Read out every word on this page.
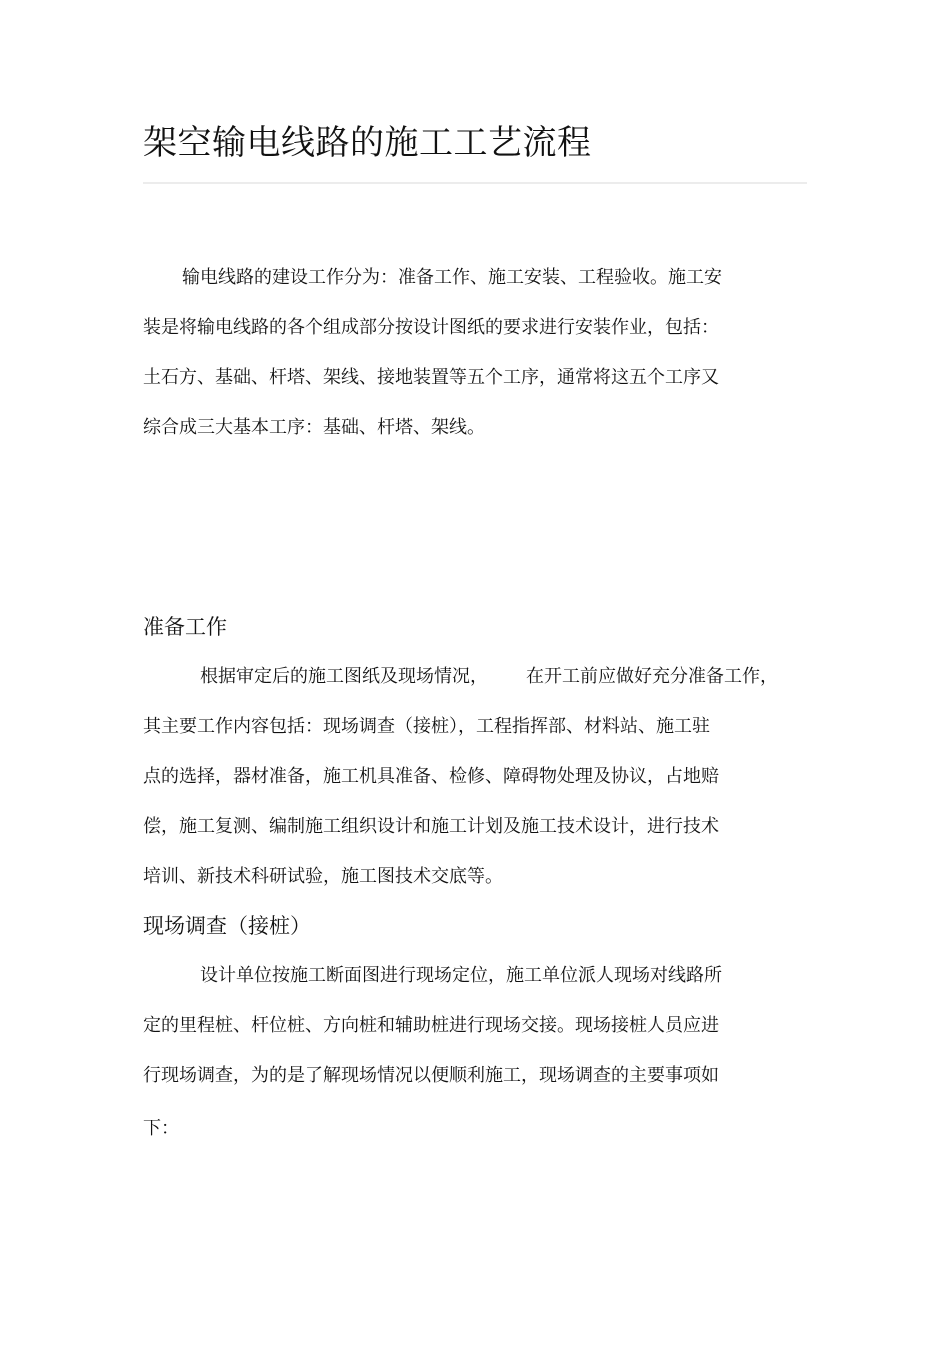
架空输电线路的施工工艺流程

输电线路的建设工作分为：准备工作、施工安装、工程验收。施工安

装是将输电线路的各个组成部分按设计图纸的要求进行安装作业，包括：

土石方、基础、杆塔、架线、接地装置等五个工序，通常将这五个工序又

综合成三大基本工序：基础、杆塔、架线。

准备工作

根据审定后的施工图纸及现场情况， 在开工前应做好充分准备工作，

其主要工作内容包括：现场调查（接桩），工程指挥部、材料站、施工驻

点的选择，器材准备，施工机具准备、检修、障碍物处理及协议，占地赔

偿，施工复测、编制施工组织设计和施工计划及施工技术设计，进行技术

培训、新技术科研试验，施工图技术交底等。

现场调查（接桩）

设计单位按施工断面图进行现场定位，施工单位派人现场对线路所

定的里程桩、杆位桩、方向桩和辅助桩进行现场交接。现场接桩人员应进

行现场调查，为的是了解现场情况以便顺利施工，现场调查的主要事项如

下：
